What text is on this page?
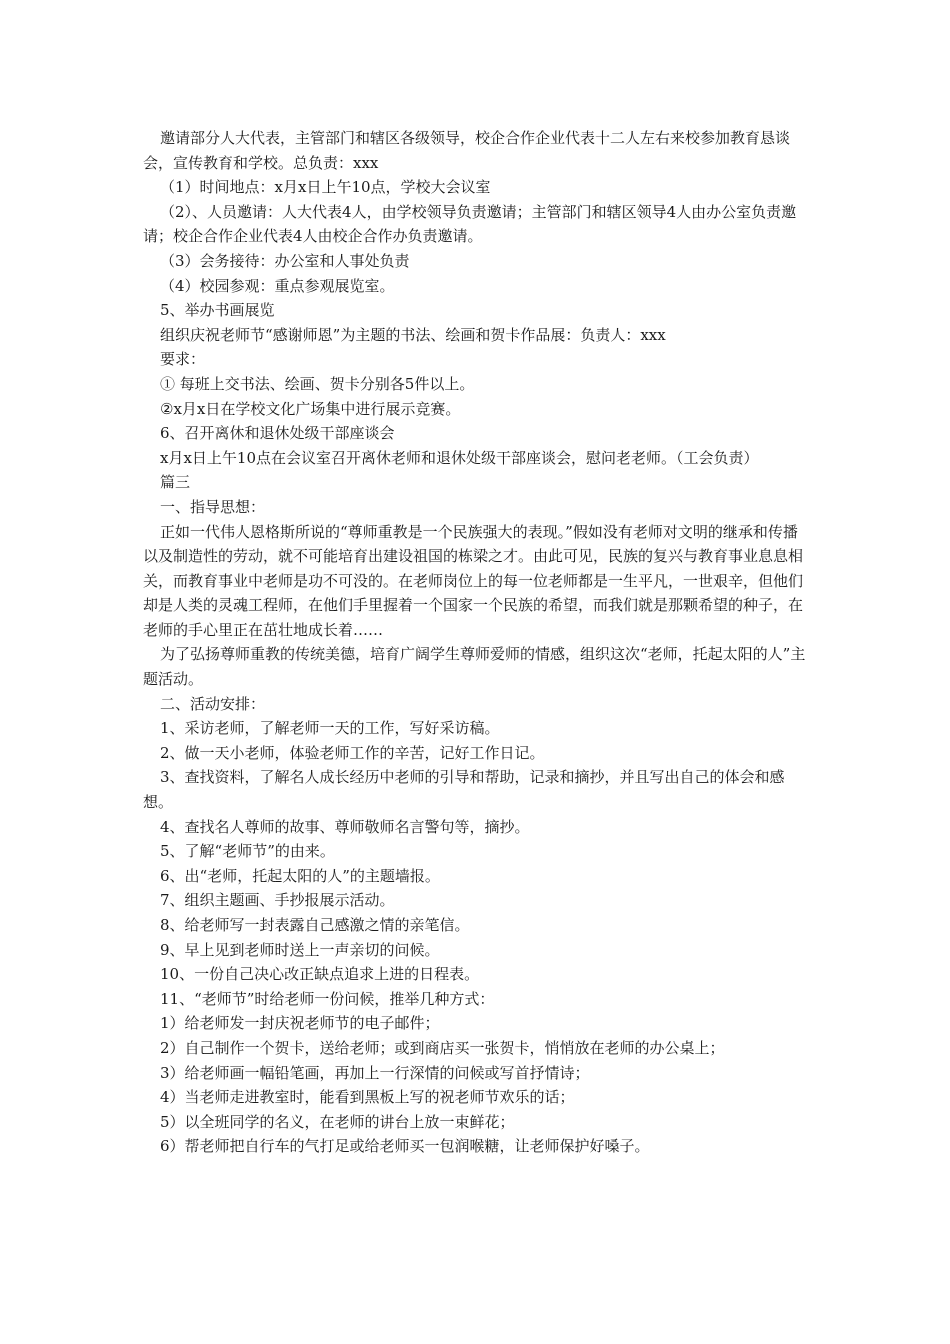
邀请部分人大代表，主管部门和辖区各级领导，校企合作企业代表十二人左右来校参加教育恳谈会，宣传教育和学校。总负责：xxx

（1）时间地点：x月x日上午10点，学校大会议室

（2）、人员邀请：人大代表4人，由学校领导负责邀请；主管部门和辖区领导4人由办公室负责邀请；校企合作企业代表4人由校企合作办负责邀请。

（3）会务接待：办公室和人事处负责

（4）校园参观：重点参观展览室。

5、举办书画展览

组织庆祝老师节“感谢师恩”为主题的书法、绘画和贺卡作品展：负责人：xxx

要求：

① 每班上交书法、绘画、贺卡分别各5件以上。

②x月x日在学校文化广场集中进行展示竞赛。

6、召开离休和退休处级干部座谈会

x月x日上午10点在会议室召开离休老师和退休处级干部座谈会，慰问老老师。（工会负责）

篇三

一、指导思想：

正如一代伟人恩格斯所说的“尊师重教是一个民族强大的表现。”假如没有老师对文明的继承和传播以及制造性的劳动，就不可能培育出建设祖国的栋梁之才。由此可见，民族的复兴与教育事业息息相关，而教育事业中老师是功不可没的。在老师岗位上的每一位老师都是一生平凡，一世艰辛，但他们却是人类的灵魂工程师，在他们手里握着一个国家一个民族的希望，而我们就是那颗希望的种子，在老师的手心里正在茁壮地成长着……

为了弘扬尊师重教的传统美德，培育广阔学生尊师爱师的情感，组织这次“老师，托起太阳的人”主题活动。

二、活动安排：

1、采访老师，了解老师一天的工作，写好采访稿。

2、做一天小老师，体验老师工作的辛苦，记好工作日记。

3、查找资料，了解名人成长经历中老师的引导和帮助，记录和摘抄，并且写出自己的体会和感想。

4、查找名人尊师的故事、尊师敬师名言警句等，摘抄。

5、了解“老师节”的由来。

6、出“老师，托起太阳的人”的主题墙报。

7、组织主题画、手抄报展示活动。

8、给老师写一封表露自己感激之情的亲笔信。

9、早上见到老师时送上一声亲切的问候。

10、一份自己决心改正缺点追求上进的日程表。

11、“老师节”时给老师一份问候，推举几种方式：

1）给老师发一封庆祝老师节的电子邮件；

2）自己制作一个贺卡，送给老师；或到商店买一张贺卡，悄悄放在老师的办公桌上；

3）给老师画一幅铅笔画，再加上一行深情的问候或写首抒情诗；

4）当老师走进教室时，能看到黑板上写的祝老师节欢乐的话；

5）以全班同学的名义，在老师的讲台上放一束鲜花；

6）帮老师把自行车的气打足或给老师买一包润喉糖，让老师保护好嗓子。
